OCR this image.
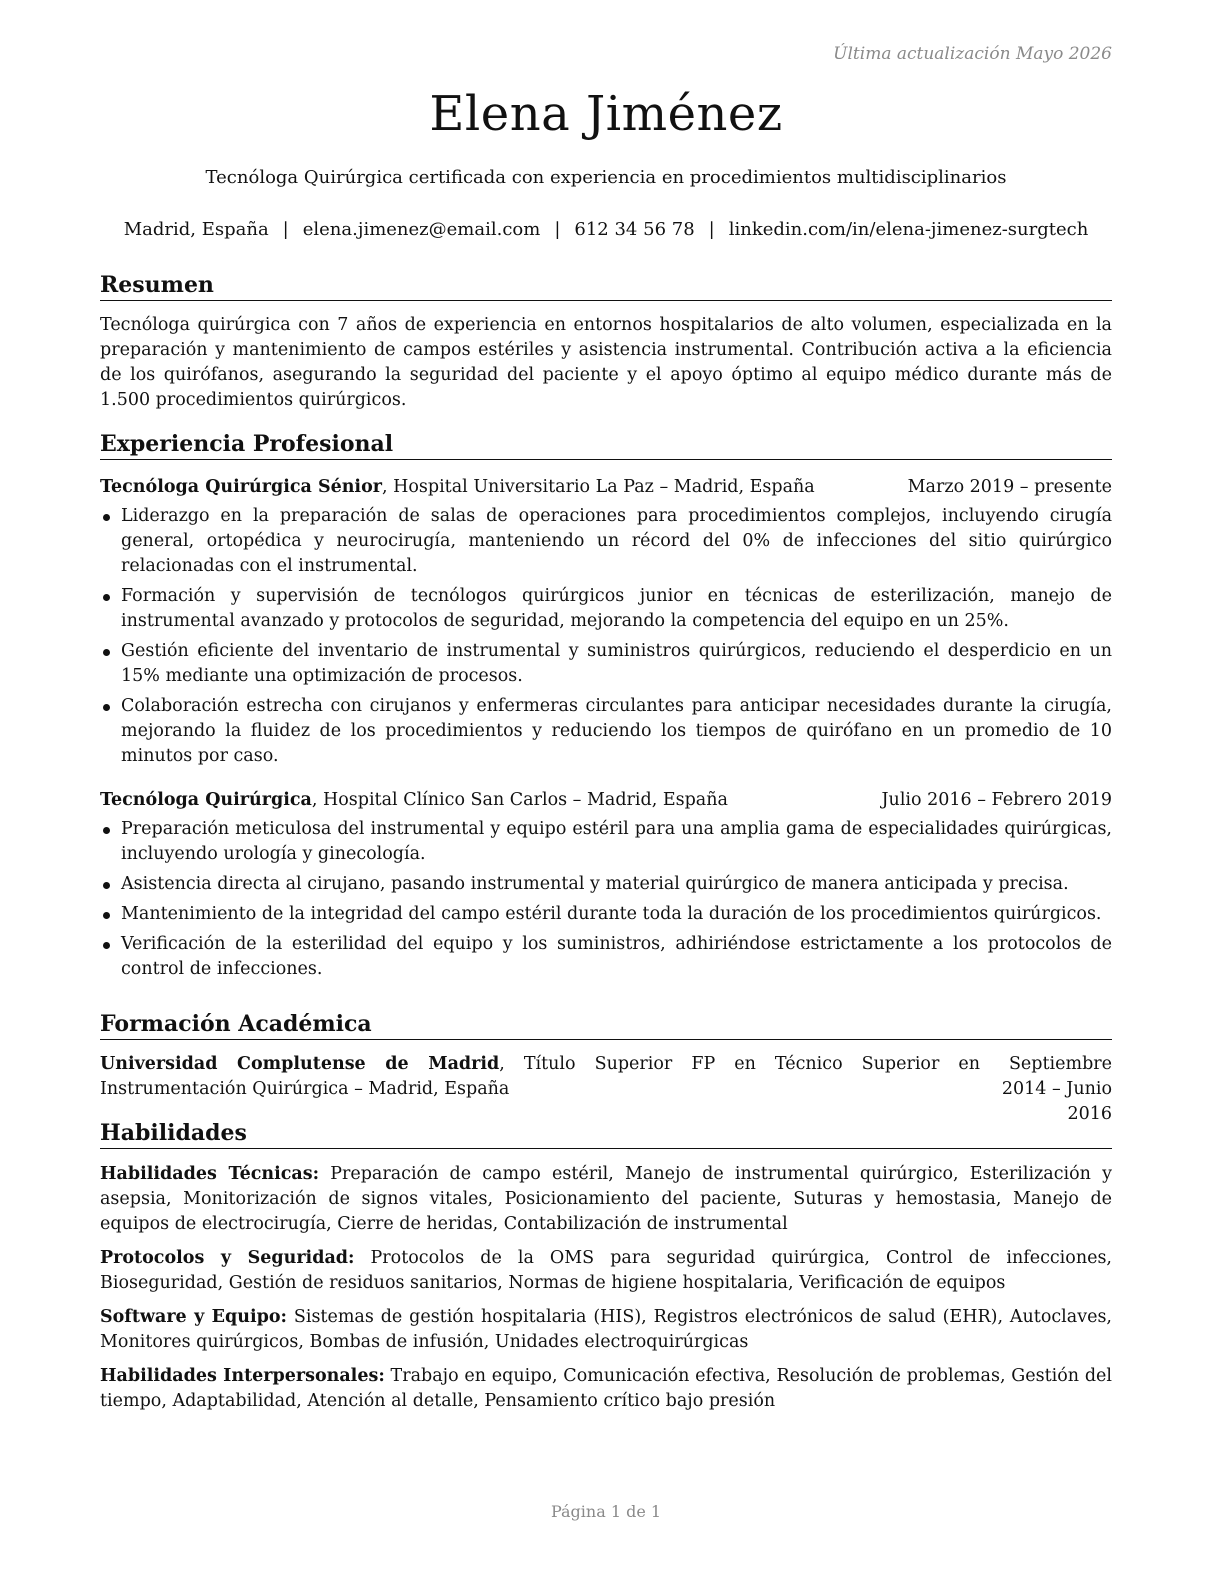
Última actualización Mayo 2026
Elena Jiménez
Tecnóloga Quirúrgica certificada con experiencia en procedimientos multidisciplinarios
Madrid, España | elena.jimenez@email.com | 612 34 56 78 | linkedin.com/in/elena-jimenez-surgtech
Resumen

Tecnóloga quirúrgica con 7 años de experiencia en entornos hospitalarios de alto volumen, especializada en la preparación y mantenimiento de campos estériles y asistencia instrumental. Contribución activa a la eficiencia de los quirófanos, asegurando la seguridad del paciente y el apoyo óptimo al equipo médico durante más de 1.500 procedimientos quirúrgicos.

Experiencia Profesional
Tecnóloga Quirúrgica Sénior, Hospital Universitario La Paz – Madrid, España	Marzo 2019 – presente
Liderazgo en la preparación de salas de operaciones para procedimientos complejos, incluyendo cirugía general, ortopédica y neurocirugía, manteniendo un récord del 0% de infecciones del sitio quirúrgico relacionadas con el instrumental.
Formación y supervisión de tecnólogos quirúrgicos junior en técnicas de esterilización, manejo de instrumental avanzado y protocolos de seguridad, mejorando la competencia del equipo en un 25%.
Gestión eficiente del inventario de instrumental y suministros quirúrgicos, reduciendo el desperdicio en un 15% mediante una optimización de procesos.
Colaboración estrecha con cirujanos y enfermeras circulantes para anticipar necesidades durante la cirugía, mejorando la fluidez de los procedimientos y reduciendo los tiempos de quirófano en un promedio de 10 minutos por caso.
Tecnóloga Quirúrgica, Hospital Clínico San Carlos – Madrid, España	Julio 2016 – Febrero 2019
Preparación meticulosa del instrumental y equipo estéril para una amplia gama de especialidades quirúrgicas, incluyendo urología y ginecología.
Asistencia directa al cirujano, pasando instrumental y material quirúrgico de manera anticipada y precisa.
Mantenimiento de la integridad del campo estéril durante toda la duración de los procedimientos quirúrgicos.
Verificación de la esterilidad del equipo y los suministros, adhiriéndose estrictamente a los protocolos de control de infecciones.
Formación Académica
Universidad Complutense de Madrid, Título Superior FP en Técnico Superior en Instrumentación Quirúrgica – Madrid, España
Septiembre 2014 – Junio 2016
Habilidades

Habilidades Técnicas: Preparación de campo estéril, Manejo de instrumental quirúrgico, Esterilización y asepsia, Monitorización de signos vitales, Posicionamiento del paciente, Suturas y hemostasia, Manejo de equipos de electrocirugía, Cierre de heridas, Contabilización de instrumental

Protocolos y Seguridad: Protocolos de la OMS para seguridad quirúrgica, Control de infecciones, Bioseguridad, Gestión de residuos sanitarios, Normas de higiene hospitalaria, Verificación de equipos

Software y Equipo: Sistemas de gestión hospitalaria (HIS), Registros electrónicos de salud (EHR), Autoclaves, Monitores quirúrgicos, Bombas de infusión, Unidades electroquirúrgicas

Habilidades Interpersonales: Trabajo en equipo, Comunicación efectiva, Resolución de problemas, Gestión del tiempo, Adaptabilidad, Atención al detalle, Pensamiento crítico bajo presión

Página 1 de 1
